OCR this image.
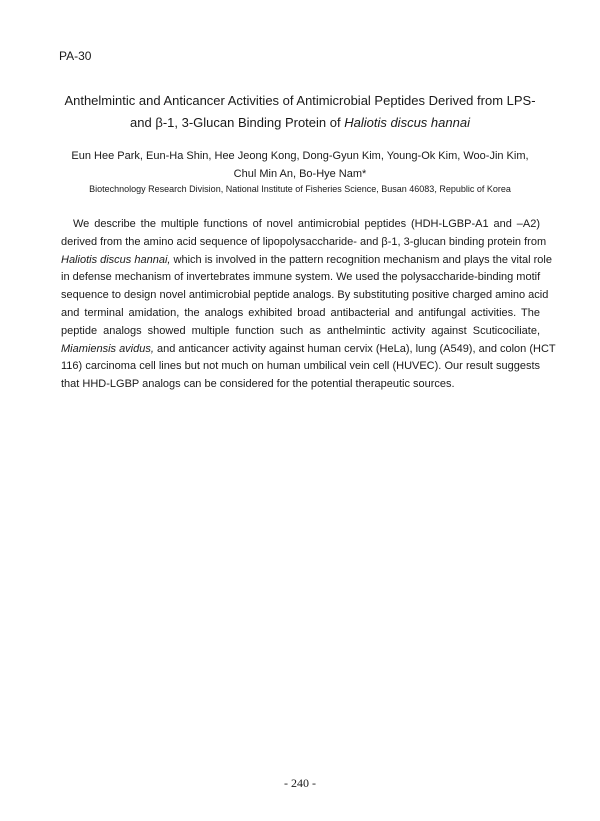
PA-30
Anthelmintic and Anticancer Activities of Antimicrobial Peptides Derived from LPS-
and β-1, 3-Glucan Binding Protein of Haliotis discus hannai
Eun Hee Park, Eun-Ha Shin, Hee Jeong Kong, Dong-Gyun Kim, Young-Ok Kim, Woo-Jin Kim,
Chul Min An, Bo-Hye Nam*
Biotechnology Research Division, National Institute of Fisheries Science, Busan 46083, Republic of Korea
We describe the multiple functions of novel antimicrobial peptides (HDH-LGBP-A1 and –A2)
derived from the amino acid sequence of lipopolysaccharide- and β-1, 3-glucan binding protein from
Haliotis discus hannai, which is involved in the pattern recognition mechanism and plays the vital role
in defense mechanism of invertebrates immune system. We used the polysaccharide-binding motif
sequence to design novel antimicrobial peptide analogs. By substituting positive charged amino acid
and terminal amidation, the analogs exhibited broad antibacterial and antifungal activities. The
peptide analogs showed multiple function such as anthelmintic activity against Scuticociliate,
Miamiensis avidus, and anticancer activity against human cervix (HeLa), lung (A549), and colon (HCT
116) carcinoma cell lines but not much on human umbilical vein cell (HUVEC). Our result suggests
that HHD-LGBP analogs can be considered for the potential therapeutic sources.
- 240 -
